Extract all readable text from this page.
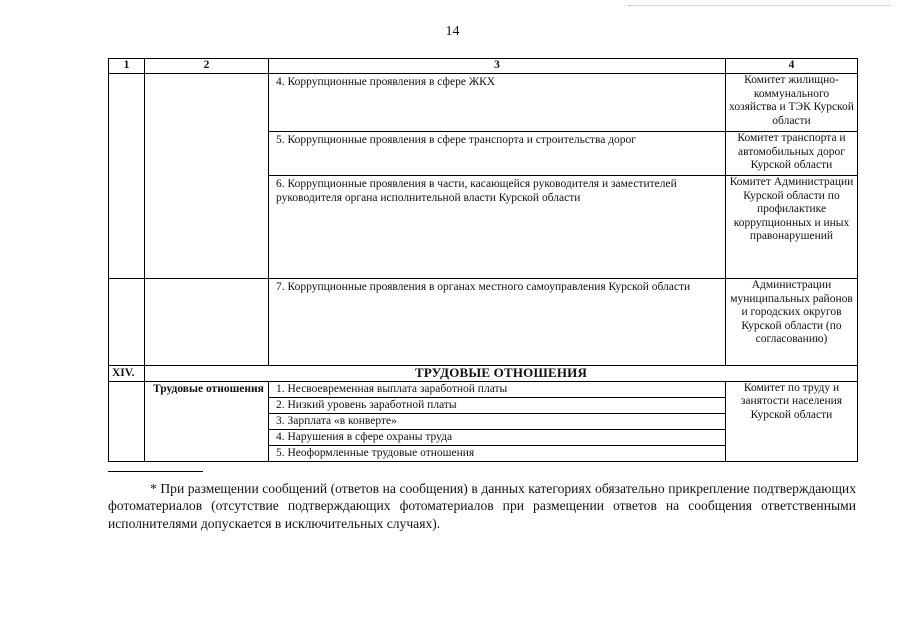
14
1	2	3	4
		4. Коррупционные проявления в сфере ЖКХ	Комитет жилищно-коммунального хозяйства и ТЭК Курской области
		5. Коррупционные проявления в сфере транспорта и строительства дорог	Комитет транспорта и автомобильных дорог Курской области
		6. Коррупционные проявления в части, касающейся руководителя и заместителей руководителя органа исполнительной власти Курской области	Комитет Администрации Курской области по профилактике коррупционных и иных правонарушений
		7. Коррупционные проявления в органах местного самоуправления Курской области	Администрации муниципальных районов и городских округов Курской области (по согласованию)
XIV.	ТРУДОВЫЕ ОТНОШЕНИЯ		
	Трудовые отношения	1. Несвоевременная выплата заработной платы
2. Низкий уровень заработной платы
3. Зарплата «в конверте»
4. Нарушения в сфере охраны труда
5. Неоформленные трудовые отношения	Комитет по труду и занятости населения Курской области
* При размещении сообщений (ответов на сообщения) в данных категориях обязательно прикрепление подтверждающих фотоматериалов (отсутствие подтверждающих фотоматериалов при размещении ответов на сообщения ответственными исполнителями допускается в исключительных случаях).
